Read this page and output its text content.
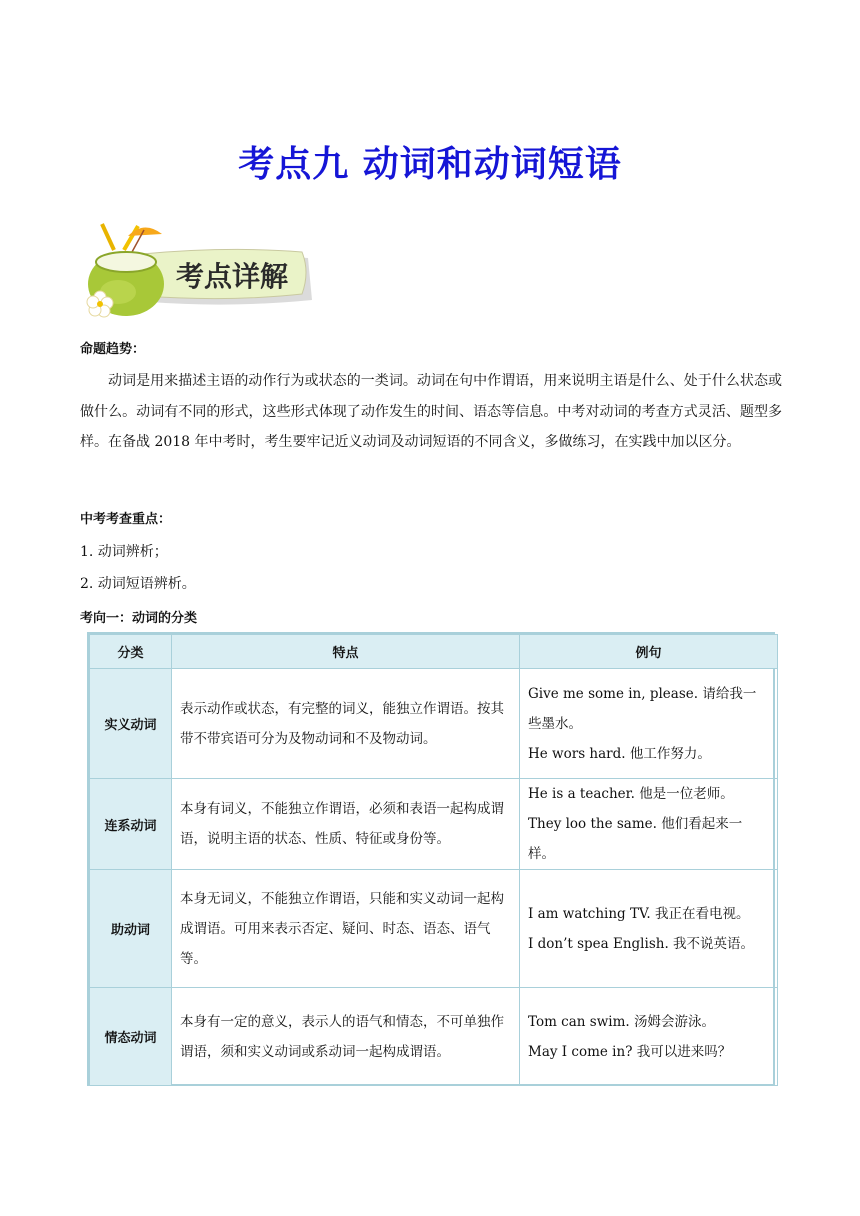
考点九 动词和动词短语
考点详解
命题趋势：
动词是用来描述主语的动作行为或状态的一类词。动词在句中作谓语，用来说明主语是什么、处于什么状态或做什么。动词有不同的形式，这些形式体现了动作发生的时间、语态等信息。中考对动词的考查方式灵活、题型多样。在备战 2018 年中考时，考生要牢记近义动词及动词短语的不同含义，多做练习，在实践中加以区分。
中考考查重点：
1. 动词辨析；
2. 动词短语辨析。
考向一：动词的分类
分类	特点	例句
实义动词	表示动作或状态，有完整的词义，能独立作谓语。按其带不带宾语可分为及物动词和不及物动词。	Give me some in, please. 请给我一些墨水。
He wors hard. 他工作努力。

连系动词	本身有词义，不能独立作谓语，必须和表语一起构成谓语，说明主语的状态、性质、特征或身份等。	He is a teacher. 他是一位老师。
They loo the same. 他们看起来一样。

助动词	本身无词义，不能独立作谓语，只能和实义动词一起构成谓语。可用来表示否定、疑问、时态、语态、语气等。	I am watching TV. 我正在看电视。
I don’t spea English. 我不说英语。

情态动词	本身有一定的意义，表示人的语气和情态，不可单独作谓语，须和实义动词或系动词一起构成谓语。	Tom can swim. 汤姆会游泳。
May I come in? 我可以进来吗？
